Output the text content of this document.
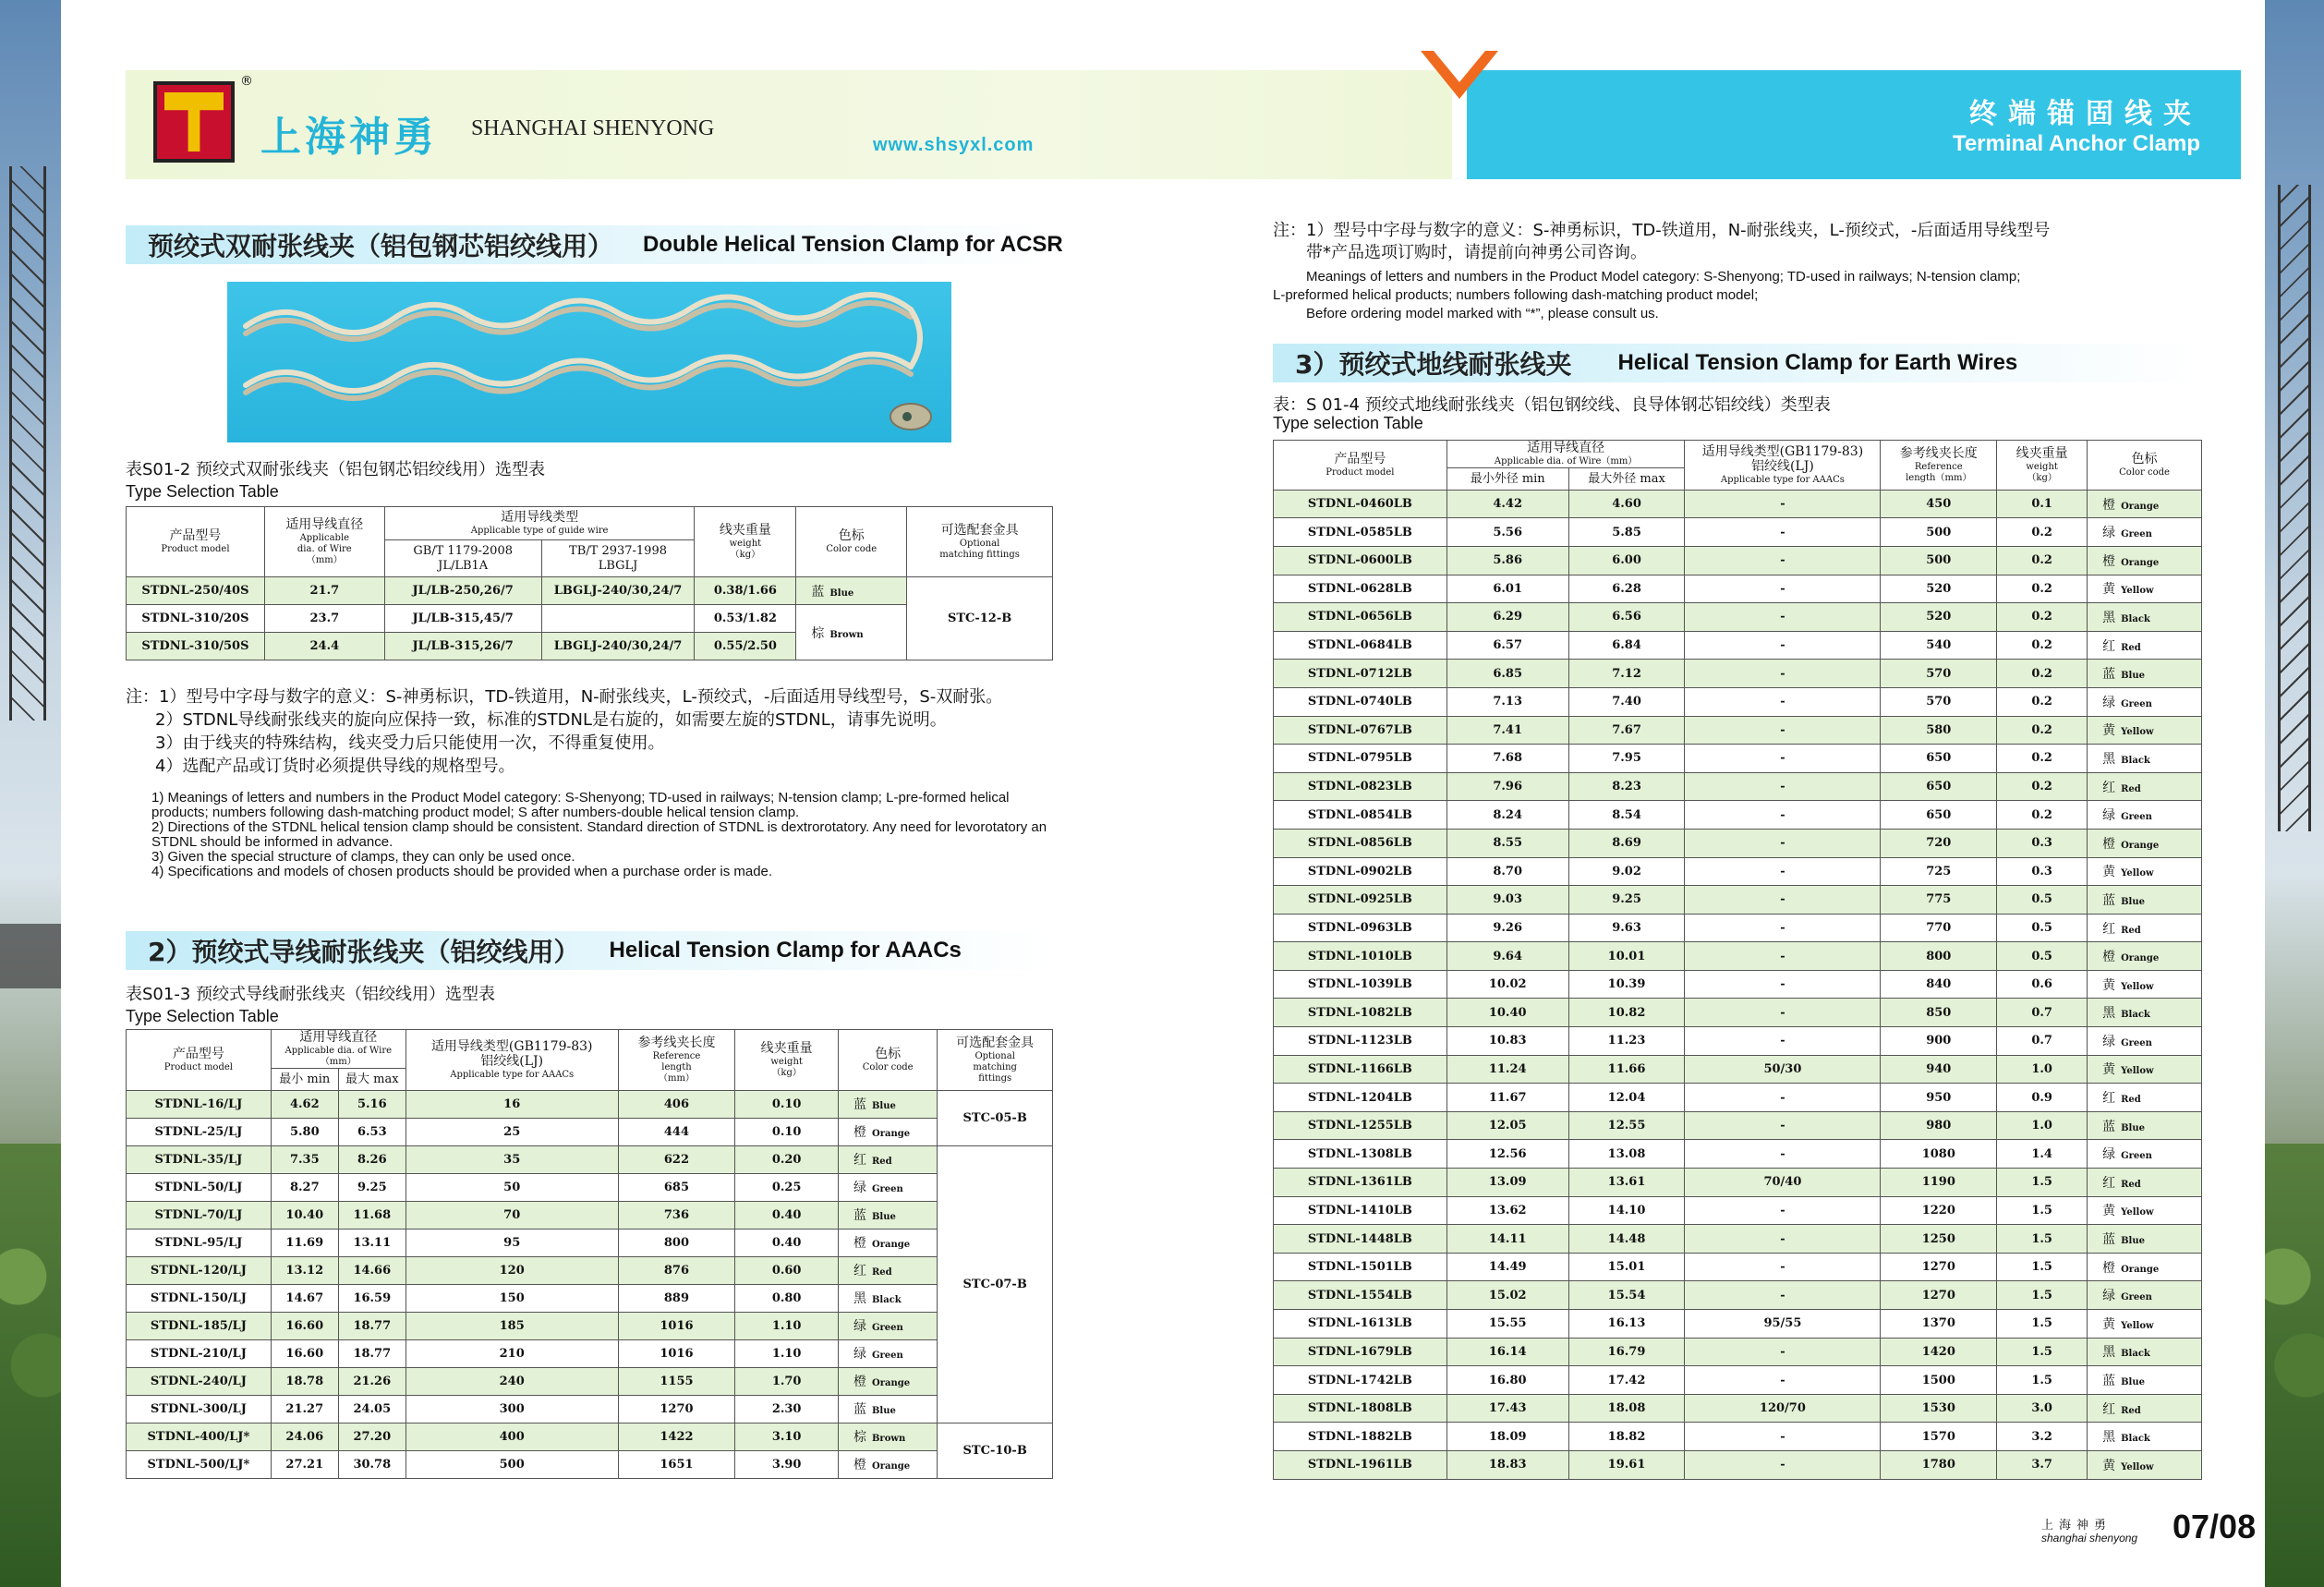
®
上海神勇 SHANGHAI SHENYONG
www.shsyxl.com
终端锚固线夹
Terminal Anchor Clamp
预绞式双耐张线夹（铝包钢芯铝绞线用） Double Helical Tension Clamp for ACSR
表S01-2 预绞式双耐张线夹（铝包钢芯铝绞线用）选型表
Type Selection Table
产品型号
Product model	适用导线直径
Applicable
dia. of Wire
（mm）	适用导线类型
Applicable type of guide wire		线夹重量
weight
（kg）	色标
Color code	可选配套金具
Optional
matching fittings

		GB/T 1179-2008
JL/LB1A	TB/T 2937-1998
LBGLJ			

STDNL-250/40S	21.7	JL/LB-250,26/7	LBGLJ-240/30,24/7	0.38/1.66	蓝 Blue	STC-12-B
STDNL-310/20S	23.7	JL/LB-315,45/7		0.53/1.82	棕 Brown	
STDNL-310/50S	24.4	JL/LB-315,26/7	LBGLJ-240/30,24/7	0.55/2.50		
注：1）型号中字母与数字的意义：S-神勇标识，TD-铁道用，N-耐张线夹，L-预绞式，-后面适用导线型号，S-双耐张。
2）STDNL导线耐张线夹的旋向应保持一致，标准的STDNL是右旋的，如需要左旋的STDNL，请事先说明。
3）由于线夹的特殊结构，线夹受力后只能使用一次，不得重复使用。
4）选配产品或订货时必须提供导线的规格型号。
1) Meanings of letters and numbers in the Product Model category: S-Shenyong; TD-used in railways; N-tension clamp; L-pre-formed helical products; numbers following dash-matching product model; S after numbers-double helical tension clamp.
2) Directions of the STDNL helical tension clamp should be consistent. Standard direction of STDNL is dextrorotatory. Any need for levorotatory an STDNL should be informed in advance.
3) Given the special structure of clamps, they can only be used once.
4) Specifications and models of chosen products should be provided when a purchase order is made.
2）预绞式导线耐张线夹（铝绞线用） Helical Tension Clamp for AAACs
表S01-3 预绞式导线耐张线夹（铝绞线用）选型表
Type Selection Table
产品型号
Product model	适用导线直径
Applicable dia. of Wire
（mm）		适用导线类型(GB1179-83)
铝绞线(LJ)
Applicable type for AAACs	参考线夹长度
Reference
length
（mm）	线夹重量
weight
（kg）	色标
Color code	可选配套金具
Optional
matching
fittings

	最小 min	最大 max					
STDNL-16/LJ	4.62	5.16	16	406	0.10	蓝 Blue	STC-05-B
STDNL-25/LJ	5.80	6.53	25	444	0.10	橙 Orange	
STDNL-35/LJ	7.35	8.26	35	622	0.20	红 Red	STC-07-B
STDNL-50/LJ	8.27	9.25	50	685	0.25	绿 Green	
STDNL-70/LJ	10.40	11.68	70	736	0.40	蓝 Blue	
STDNL-95/LJ	11.69	13.11	95	800	0.40	橙 Orange	
STDNL-120/LJ	13.12	14.66	120	876	0.60	红 Red	
STDNL-150/LJ	14.67	16.59	150	889	0.80	黑 Black	
STDNL-185/LJ	16.60	18.77	185	1016	1.10	绿 Green	
STDNL-210/LJ	16.60	18.77	210	1016	1.10	绿 Green	
STDNL-240/LJ	18.78	21.26	240	1155	1.70	橙 Orange	
STDNL-300/LJ	21.27	24.05	300	1270	2.30	蓝 Blue	
STDNL-400/LJ*	24.06	27.20	400	1422	3.10	棕 Brown	STC-10-B
STDNL-500/LJ*	27.21	30.78	500	1651	3.90	橙 Orange	
注：1）型号中字母与数字的意义：S-神勇标识，TD-铁道用，N-耐张线夹，L-预绞式，-后面适用导线型号
带*产品选项订购时，请提前向神勇公司咨询。
Meanings of letters and numbers in the Product Model category: S-Shenyong; TD-used in railways; N-tension clamp;
L-preformed helical products; numbers following dash-matching product model;
Before ordering model marked with “*”, please consult us.
3）预绞式地线耐张线夹 Helical Tension Clamp for Earth Wires
表：S 01-4 预绞式地线耐张线夹（铝包钢绞线、良导体钢芯铝绞线）类型表
Type selection Table
产品型号
Product model	适用导线直径
Applicable dia. of Wire（mm）		适用导线类型(GB1179-83)
铝绞线(LJ)
Applicable type for AAACs	参考线夹长度
Reference
length（mm）	线夹重量
weight
（kg）	色标
Color code

	最小外径 min	最大外径 max				
STDNL-0460LB	4.42	4.60	-	450	0.1	橙 Orange
STDNL-0585LB	5.56	5.85	-	500	0.2	绿 Green
STDNL-0600LB	5.86	6.00	-	500	0.2	橙 Orange
STDNL-0628LB	6.01	6.28	-	520	0.2	黄 Yellow
STDNL-0656LB	6.29	6.56	-	520	0.2	黑 Black
STDNL-0684LB	6.57	6.84	-	540	0.2	红 Red
STDNL-0712LB	6.85	7.12	-	570	0.2	蓝 Blue
STDNL-0740LB	7.13	7.40	-	570	0.2	绿 Green
STDNL-0767LB	7.41	7.67	-	580	0.2	黄 Yellow
STDNL-0795LB	7.68	7.95	-	650	0.2	黑 Black
STDNL-0823LB	7.96	8.23	-	650	0.2	红 Red
STDNL-0854LB	8.24	8.54	-	650	0.2	绿 Green
STDNL-0856LB	8.55	8.69	-	720	0.3	橙 Orange
STDNL-0902LB	8.70	9.02	-	725	0.3	黄 Yellow
STDNL-0925LB	9.03	9.25	-	775	0.5	蓝 Blue
STDNL-0963LB	9.26	9.63	-	770	0.5	红 Red
STDNL-1010LB	9.64	10.01	-	800	0.5	橙 Orange
STDNL-1039LB	10.02	10.39	-	840	0.6	黄 Yellow
STDNL-1082LB	10.40	10.82	-	850	0.7	黑 Black
STDNL-1123LB	10.83	11.23	-	900	0.7	绿 Green
STDNL-1166LB	11.24	11.66	50/30	940	1.0	黄 Yellow
STDNL-1204LB	11.67	12.04	-	950	0.9	红 Red
STDNL-1255LB	12.05	12.55	-	980	1.0	蓝 Blue
STDNL-1308LB	12.56	13.08	-	1080	1.4	绿 Green
STDNL-1361LB	13.09	13.61	70/40	1190	1.5	红 Red
STDNL-1410LB	13.62	14.10	-	1220	1.5	黄 Yellow
STDNL-1448LB	14.11	14.48	-	1250	1.5	蓝 Blue
STDNL-1501LB	14.49	15.01	-	1270	1.5	橙 Orange
STDNL-1554LB	15.02	15.54	-	1270	1.5	绿 Green
STDNL-1613LB	15.55	16.13	95/55	1370	1.5	黄 Yellow
STDNL-1679LB	16.14	16.79	-	1420	1.5	黑 Black
STDNL-1742LB	16.80	17.42	-	1500	1.5	蓝 Blue
STDNL-1808LB	17.43	18.08	120/70	1530	3.0	红 Red
STDNL-1882LB	18.09	18.82	-	1570	3.2	黑 Black
STDNL-1961LB	18.83	19.61	-	1780	3.7	黄 Yellow
上海神勇
shanghai shenyong 07/08
